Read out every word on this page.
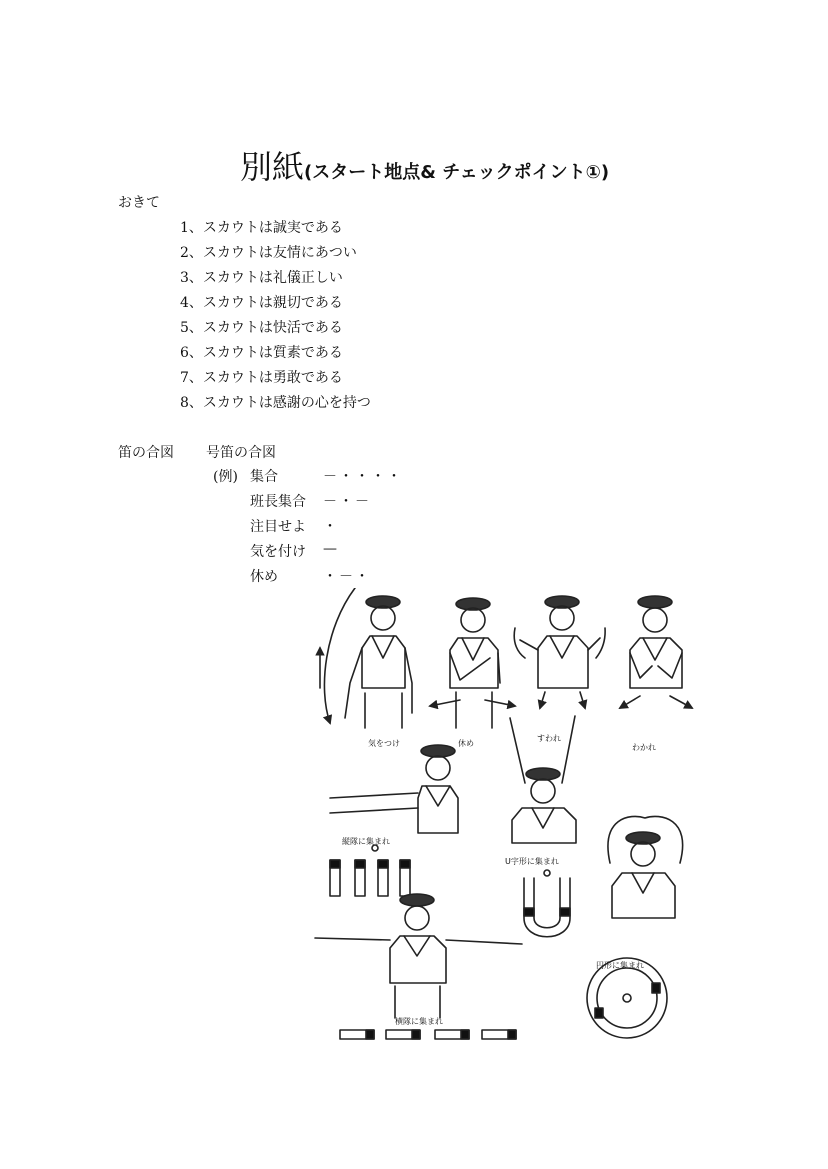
別紙(スタート地点& チェックポイント①)
おきて
1、スカウトは誠実である
2、スカウトは友情にあつい
3、スカウトは礼儀正しい
4、スカウトは親切である
5、スカウトは快活である
6、スカウトは質素である
7、スカウトは勇敢である
8、スカウトは感謝の心を持つ
笛の合図 号笛の合図
(例) 集合	－・・・・
班長集合 －・－
注目せよ ・
気を付け —
休め	・－・
気をつけ	休め
すわれ
わかれ
縦隊に集まれ
U字形に集まれ
円形に集まれ
横隊に集まれ
